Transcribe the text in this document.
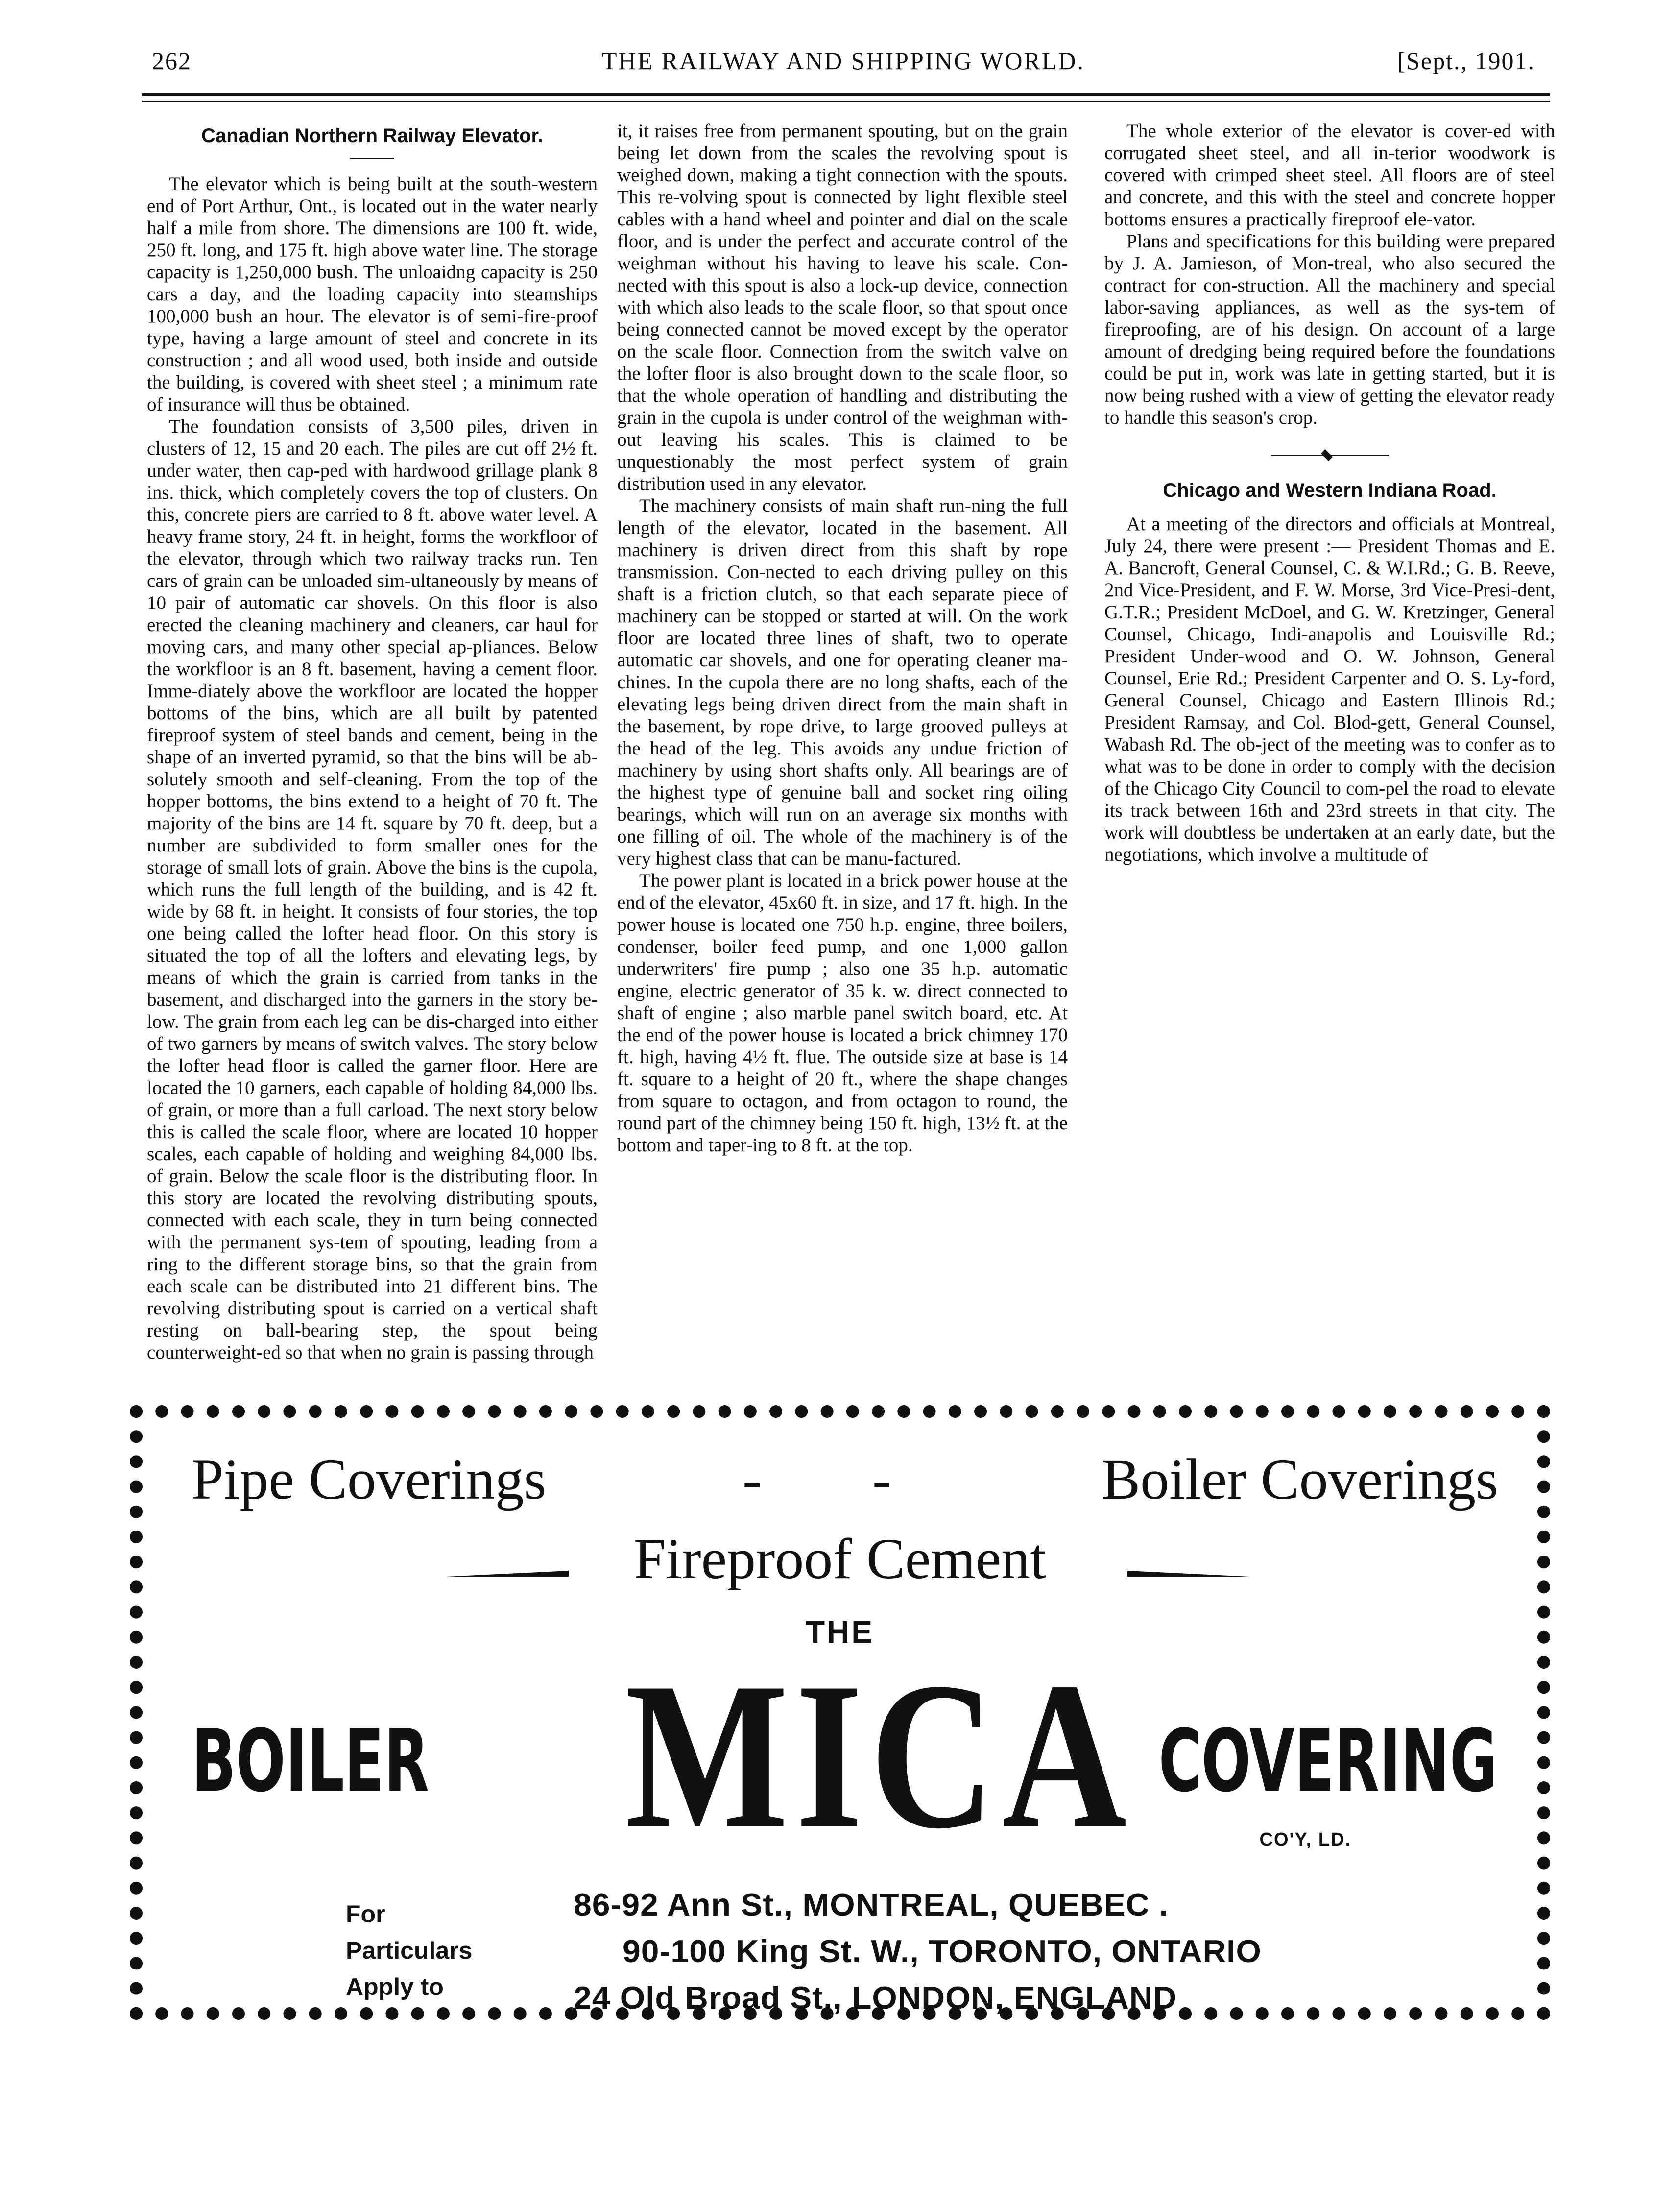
262	THE RAILWAY AND SHIPPING WORLD.	[Sept., 1901.
Canadian Northern Railway Elevator.

The elevator which is being built at the south-western end of Port Arthur, Ont., is located out in the water nearly half a mile from shore. The dimensions are 100 ft. wide, 250 ft. long, and 175 ft. high above water line. The storage capacity is 1,250,000 bush. The unloaidng capacity is 250 cars a day, and the loading capacity into steamships 100,000 bush an hour. The elevator is of semi-fire-proof type, having a large amount of steel and concrete in its construction ; and all wood used, both inside and outside the building, is covered with sheet steel ; a minimum rate of insurance will thus be obtained.

The foundation consists of 3,500 piles, driven in clusters of 12, 15 and 20 each. The piles are cut off 2½ ft. under water, then cap-ped with hardwood grillage plank 8 ins. thick, which completely covers the top of clusters. On this, concrete piers are carried to 8 ft. above water level. A heavy frame story, 24 ft. in height, forms the workfloor of the elevator, through which two railway tracks run. Ten cars of grain can be unloaded sim-ultaneously by means of 10 pair of automatic car shovels. On this floor is also erected the cleaning machinery and cleaners, car haul for moving cars, and many other special ap-pliances. Below the workfloor is an 8 ft. basement, having a cement floor. Imme-diately above the workfloor are located the hopper bottoms of the bins, which are all built by patented fireproof system of steel bands and cement, being in the shape of an inverted pyramid, so that the bins will be ab-solutely smooth and self-cleaning. From the top of the hopper bottoms, the bins extend to a height of 70 ft. The majority of the bins are 14 ft. square by 70 ft. deep, but a number are subdivided to form smaller ones for the storage of small lots of grain. Above the bins is the cupola, which runs the full length of the building, and is 42 ft. wide by 68 ft. in height. It consists of four stories, the top one being called the lofter head floor. On this story is situated the top of all the lofters and elevating legs, by means of which the grain is carried from tanks in the basement, and discharged into the garners in the story be-low. The grain from each leg can be dis-charged into either of two garners by means of switch valves. The story below the lofter head floor is called the garner floor. Here are located the 10 garners, each capable of holding 84,000 lbs. of grain, or more than a full carload. The next story below this is called the scale floor, where are located 10 hopper scales, each capable of holding and weighing 84,000 lbs. of grain. Below the scale floor is the distributing floor. In this story are located the revolving distributing spouts, connected with each scale, they in turn being connected with the permanent sys-tem of spouting, leading from a ring to the different storage bins, so that the grain from each scale can be distributed into 21 different bins. The revolving distributing spout is carried on a vertical shaft resting on ball-bearing step, the spout being counterweight-ed so that when no grain is passing through

it, it raises free from permanent spouting, but on the grain being let down from the scales the revolving spout is weighed down, making a tight connection with the spouts. This re-volving spout is connected by light flexible steel cables with a hand wheel and pointer and dial on the scale floor, and is under the perfect and accurate control of the weighman without his having to leave his scale. Con-nected with this spout is also a lock-up device, connection with which also leads to the scale floor, so that spout once being connected cannot be moved except by the operator on the scale floor. Connection from the switch valve on the lofter floor is also brought down to the scale floor, so that the whole operation of handling and distributing the grain in the cupola is under control of the weighman with-out leaving his scales. This is claimed to be unquestionably the most perfect system of grain distribution used in any elevator.

The machinery consists of main shaft run-ning the full length of the elevator, located in the basement. All machinery is driven direct from this shaft by rope transmission. Con-nected to each driving pulley on this shaft is a friction clutch, so that each separate piece of machinery can be stopped or started at will. On the work floor are located three lines of shaft, two to operate automatic car shovels, and one for operating cleaner ma-chines. In the cupola there are no long shafts, each of the elevating legs being driven direct from the main shaft in the basement, by rope drive, to large grooved pulleys at the head of the leg. This avoids any undue friction of machinery by using short shafts only. All bearings are of the highest type of genuine ball and socket ring oiling bearings, which will run on an average six months with one filling of oil. The whole of the machinery is of the very highest class that can be manu-factured.

The power plant is located in a brick power house at the end of the elevator, 45x60 ft. in size, and 17 ft. high. In the power house is located one 750 h.p. engine, three boilers, condenser, boiler feed pump, and one 1,000 gallon underwriters' fire pump ; also one 35 h.p. automatic engine, electric generator of 35 k. w. direct connected to shaft of engine ; also marble panel switch board, etc. At the end of the power house is located a brick chimney 170 ft. high, having 4½ ft. flue. The outside size at base is 14 ft. square to a height of 20 ft., where the shape changes from square to octagon, and from octagon to round, the round part of the chimney being 150 ft. high, 13½ ft. at the bottom and taper-ing to 8 ft. at the top.

The whole exterior of the elevator is cover-ed with corrugated sheet steel, and all in-terior woodwork is covered with crimped sheet steel. All floors are of steel and concrete, and this with the steel and concrete hopper bottoms ensures a practically fireproof ele-vator.

Plans and specifications for this building were prepared by J. A. Jamieson, of Mon-treal, who also secured the contract for con-struction. All the machinery and special labor-saving appliances, as well as the sys-tem of fireproofing, are of his design. On account of a large amount of dredging being required before the foundations could be put in, work was late in getting started, but it is now being rushed with a view of getting the elevator ready to handle this season's crop.

Chicago and Western Indiana Road.

At a meeting of the directors and officials at Montreal, July 24, there were present :— President Thomas and E. A. Bancroft, General Counsel, C. & W.I.Rd.; G. B. Reeve, 2nd Vice-President, and F. W. Morse, 3rd Vice-Presi-dent, G.T.R.; President McDoel, and G. W. Kretzinger, General Counsel, Chicago, Indi-anapolis and Louisville Rd.; President Under-wood and O. W. Johnson, General Counsel, Erie Rd.; President Carpenter and O. S. Ly-ford, General Counsel, Chicago and Eastern Illinois Rd.; President Ramsay, and Col. Blod-gett, General Counsel, Wabash Rd. The ob-ject of the meeting was to confer as to what was to be done in order to comply with the decision of the Chicago City Council to com-pel the road to elevate its track between 16th and 23rd streets in that city. The work will doubtless be undertaken at an early date, but the negotiations, which involve a multitude of

Pipe Coverings	- -	Boiler Coverings
Fireproof Cement
THE
BOILER MICA COVERING
CO'Y, LD.
For
Particulars
Apply to
86-92 Ann St., MONTREAL, QUEBEC .
90-100 King St. W., TORONTO, ONTARIO
24 Old Broad St., LONDON, ENGLAND
